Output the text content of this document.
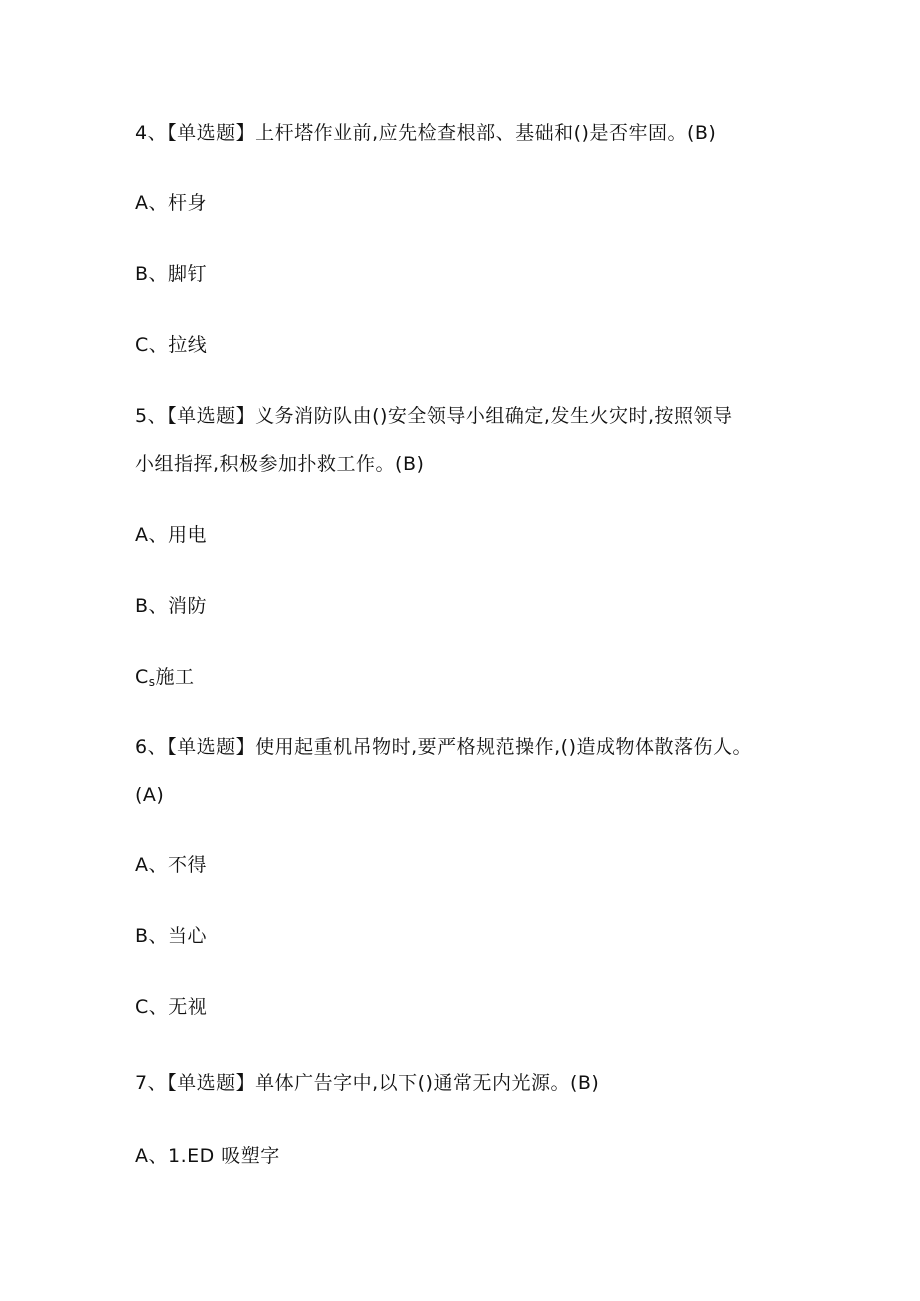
4、【单选题】上杆塔作业前,应先检查根部、基础和()是否牢固。(B)
A、杆身
B、脚钉
C、拉线
5、【单选题】义务消防队由()安全领导小组确定,发生火灾时,按照领导
小组指挥,积极参加扑救工作。(B)
A、用电
B、消防
$C_s$施工
6、【单选题】使用起重机吊物时,要严格规范操作,()造成物体散落伤人。
(A)
A、不得
B、当心
C、无视
7、【单选题】单体广告字中,以下()通常无内光源。(B)
A、1.ED 吸塑字
